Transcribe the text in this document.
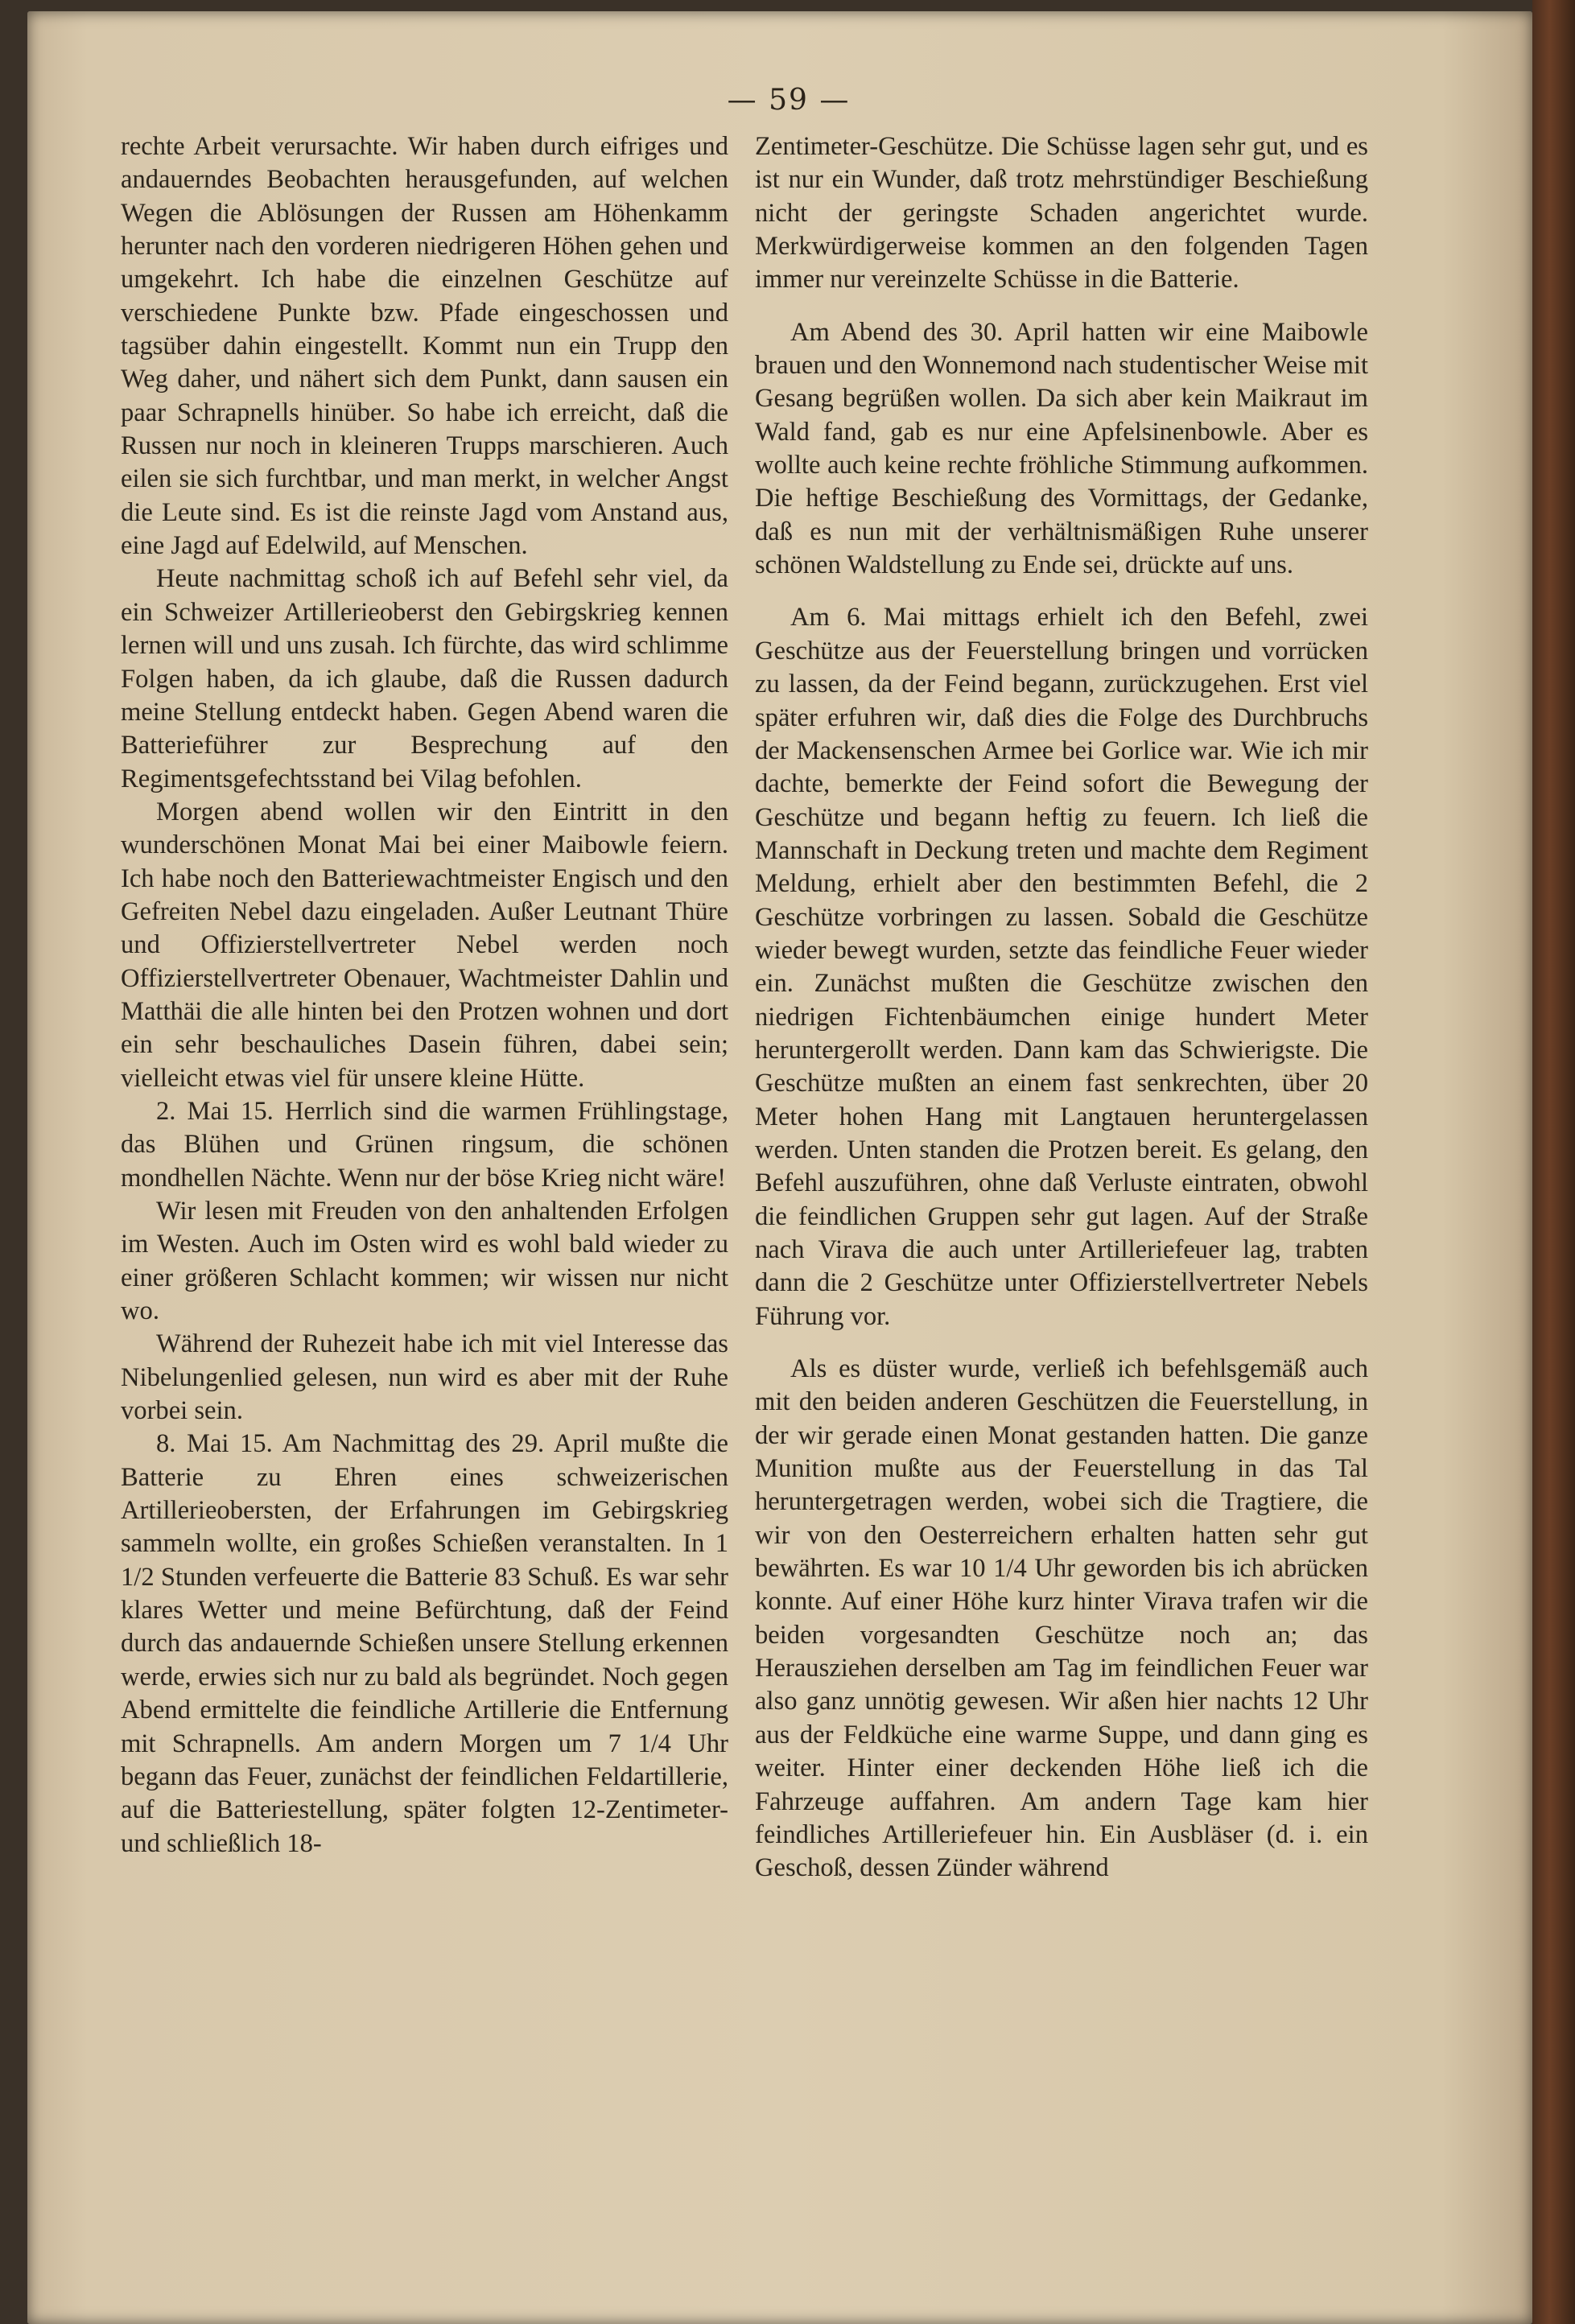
— 59 —

rechte Arbeit verursachte. Wir haben durch eifriges und andauerndes Beobachten herausgefunden, auf welchen Wegen die Ablösungen der Russen am Höhenkamm herunter nach den vorderen niedrigeren Höhen gehen und umgekehrt. Ich habe die einzelnen Geschütze auf verschiedene Punkte bzw. Pfade eingeschossen und tagsüber dahin eingestellt. Kommt nun ein Trupp den Weg daher, und nähert sich dem Punkt, dann sausen ein paar Schrapnells hinüber. So habe ich erreicht, daß die Russen nur noch in kleineren Trupps marschieren. Auch eilen sie sich furchtbar, und man merkt, in welcher Angst die Leute sind. Es ist die reinste Jagd vom Anstand aus, eine Jagd auf Edelwild, auf Menschen.

Heute nachmittag schoß ich auf Befehl sehr viel, da ein Schweizer Artillerieoberst den Gebirgskrieg kennen lernen will und uns zusah. Ich fürchte, das wird schlimme Folgen haben, da ich glaube, daß die Russen dadurch meine Stellung entdeckt haben. Gegen Abend waren die Batterieführer zur Besprechung auf den Regimentsgefechtsstand bei Vilag befohlen.

Morgen abend wollen wir den Eintritt in den wunderschönen Monat Mai bei einer Maibowle feiern. Ich habe noch den Batteriewachtmeister Engisch und den Gefreiten Nebel dazu eingeladen. Außer Leutnant Thüre und Offizierstellvertreter Nebel werden noch Offizierstellvertreter Obenauer, Wachtmeister Dahlin und Matthäi die alle hinten bei den Protzen wohnen und dort ein sehr beschauliches Dasein führen, dabei sein; vielleicht etwas viel für unsere kleine Hütte.

2. Mai 15. Herrlich sind die warmen Frühlingstage, das Blühen und Grünen ringsum, die schönen mondhellen Nächte. Wenn nur der böse Krieg nicht wäre!

Wir lesen mit Freuden von den anhaltenden Erfolgen im Westen. Auch im Osten wird es wohl bald wieder zu einer größeren Schlacht kommen; wir wissen nur nicht wo.

Während der Ruhezeit habe ich mit viel Interesse das Nibelungenlied gelesen, nun wird es aber mit der Ruhe vorbei sein.

8. Mai 15. Am Nachmittag des 29. April mußte die Batterie zu Ehren eines schweizerischen Artillerieobersten, der Erfahrungen im Gebirgskrieg sammeln wollte, ein großes Schießen veranstalten. In 1 1/2 Stunden verfeuerte die Batterie 83 Schuß. Es war sehr klares Wetter und meine Befürchtung, daß der Feind durch das andauernde Schießen unsere Stellung erkennen werde, erwies sich nur zu bald als begründet. Noch gegen Abend ermittelte die feindliche Artillerie die Entfernung mit Schrapnells. Am andern Morgen um 7 1/4 Uhr begann das Feuer, zunächst der feindlichen Feldartillerie, auf die Batteriestellung, später folgten 12-Zentimeter- und schließlich 18-

Zentimeter-Geschütze. Die Schüsse lagen sehr gut, und es ist nur ein Wunder, daß trotz mehrstündiger Beschießung nicht der geringste Schaden angerichtet wurde. Merkwürdigerweise kommen an den folgenden Tagen immer nur vereinzelte Schüsse in die Batterie.

Am Abend des 30. April hatten wir eine Maibowle brauen und den Wonnemond nach studentischer Weise mit Gesang begrüßen wollen. Da sich aber kein Maikraut im Wald fand, gab es nur eine Apfelsinenbowle. Aber es wollte auch keine rechte fröhliche Stimmung aufkommen. Die heftige Beschießung des Vormittags, der Gedanke, daß es nun mit der verhältnismäßigen Ruhe unserer schönen Waldstellung zu Ende sei, drückte auf uns.

Am 6. Mai mittags erhielt ich den Befehl, zwei Geschütze aus der Feuerstellung bringen und vorrücken zu lassen, da der Feind begann, zurückzugehen. Erst viel später erfuhren wir, daß dies die Folge des Durchbruchs der Mackensenschen Armee bei Gorlice war. Wie ich mir dachte, bemerkte der Feind sofort die Bewegung der Geschütze und begann heftig zu feuern. Ich ließ die Mannschaft in Deckung treten und machte dem Regiment Meldung, erhielt aber den bestimmten Befehl, die 2 Geschütze vorbringen zu lassen. Sobald die Geschütze wieder bewegt wurden, setzte das feindliche Feuer wieder ein. Zunächst mußten die Geschütze zwischen den niedrigen Fichtenbäumchen einige hundert Meter heruntergerollt werden. Dann kam das Schwierigste. Die Geschütze mußten an einem fast senkrechten, über 20 Meter hohen Hang mit Langtauen heruntergelassen werden. Unten standen die Protzen bereit. Es gelang, den Befehl auszuführen, ohne daß Verluste eintraten, obwohl die feindlichen Gruppen sehr gut lagen. Auf der Straße nach Virava die auch unter Artilleriefeuer lag, trabten dann die 2 Geschütze unter Offizierstellvertreter Nebels Führung vor.

Als es düster wurde, verließ ich befehlsgemäß auch mit den beiden anderen Geschützen die Feuerstellung, in der wir gerade einen Monat gestanden hatten. Die ganze Munition mußte aus der Feuerstellung in das Tal heruntergetragen werden, wobei sich die Tragtiere, die wir von den Oesterreichern erhalten hatten sehr gut bewährten. Es war 10 1/4 Uhr geworden bis ich abrücken konnte. Auf einer Höhe kurz hinter Virava trafen wir die beiden vorgesandten Geschütze noch an; das Herausziehen derselben am Tag im feindlichen Feuer war also ganz unnötig gewesen. Wir aßen hier nachts 12 Uhr aus der Feldküche eine warme Suppe, und dann ging es weiter. Hinter einer deckenden Höhe ließ ich die Fahrzeuge auffahren. Am andern Tage kam hier feindliches Artilleriefeuer hin. Ein Ausbläser (d. i. ein Geschoß, dessen Zünder während
